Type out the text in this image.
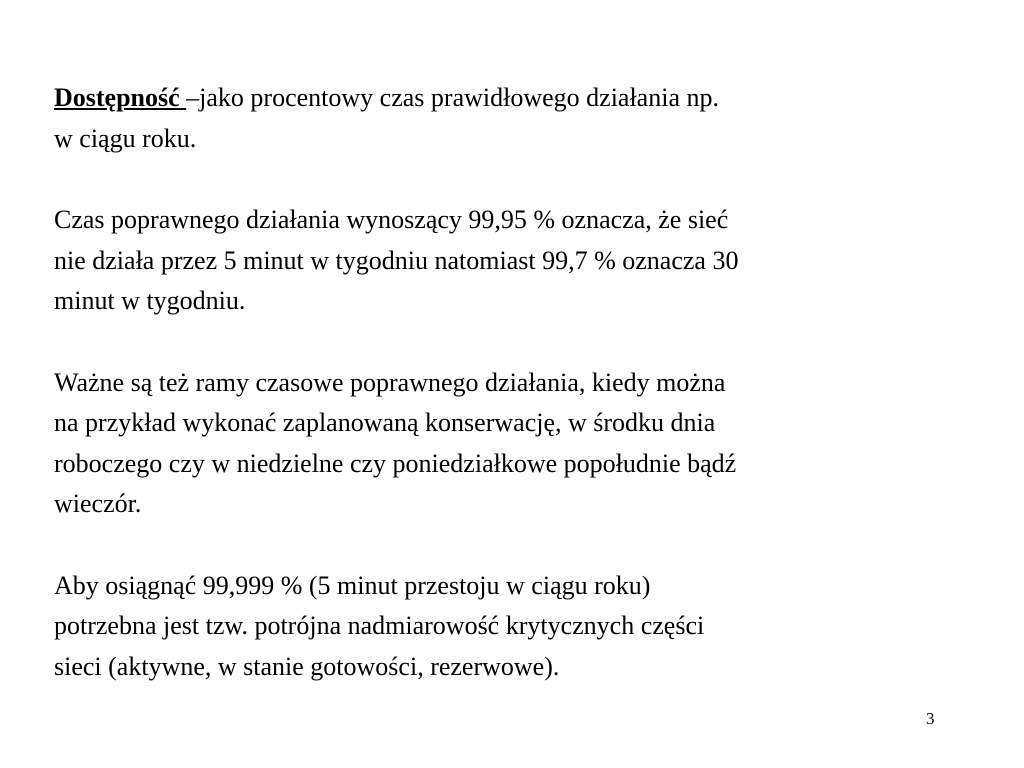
Dostępność –jako procentowy czas prawidłowego działania np.
w ciągu roku.

Czas poprawnego działania wynoszący 99,95 % oznacza, że sieć
nie działa przez 5 minut w tygodniu natomiast 99,7 % oznacza 30
minut w tygodniu.

Ważne są też ramy czasowe poprawnego działania, kiedy można
na przykład wykonać zaplanowaną konserwację, w środku dnia
roboczego czy w niedzielne czy poniedziałkowe popołudnie bądź
wieczór.

Aby osiągnąć 99,999 % (5 minut przestoju w ciągu roku)
potrzebna jest tzw. potrójna nadmiarowość krytycznych części
sieci (aktywne, w stanie gotowości, rezerwowe).

3
